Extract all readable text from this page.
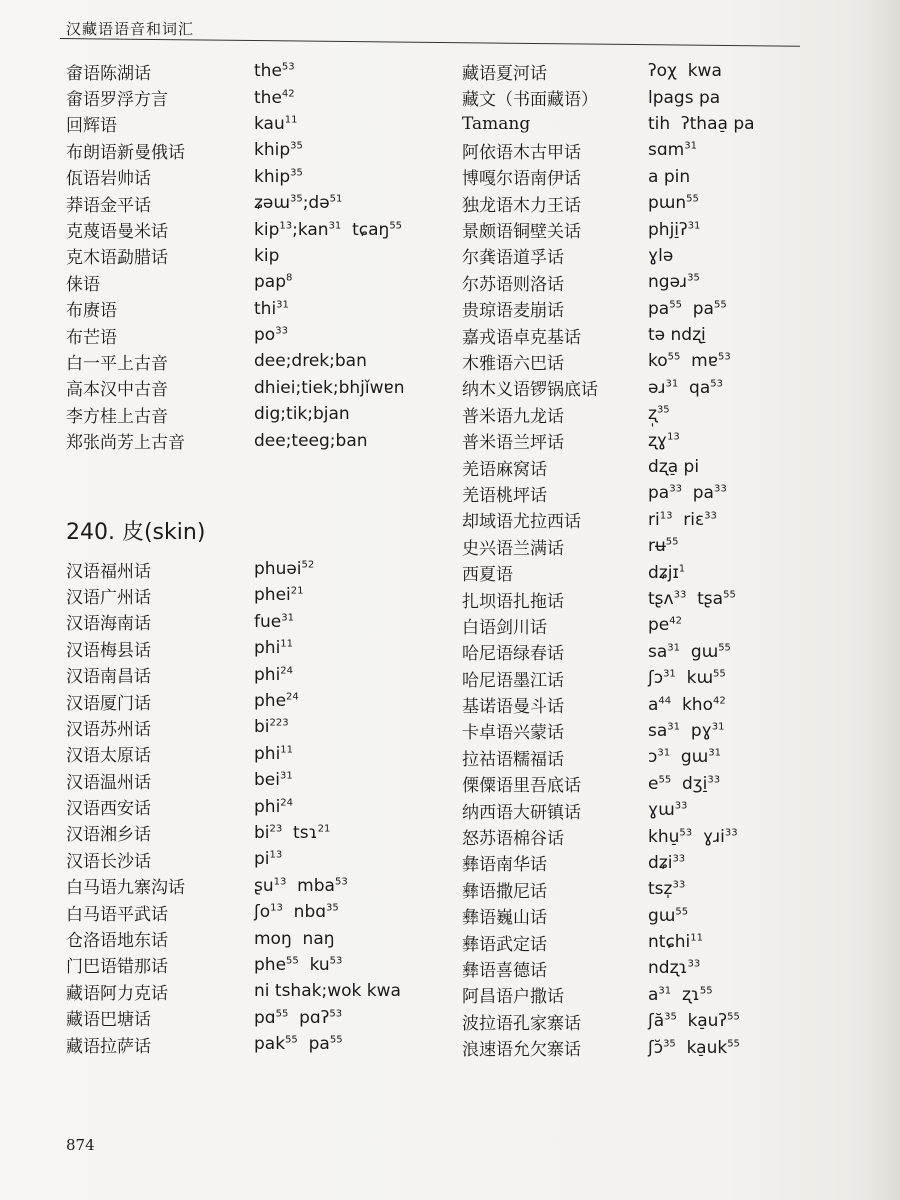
汉藏语语音和词汇
畲语陈湖话	the$^{53}$
畲语罗浮方言	the$^{42}$
回辉语	kau$^{11}$
布朗语新曼俄话	khip$^{35}$
佤语岩帅话	khip$^{35}$
莽语金平话	ʑəɯ$^{35}$;də$^{51}$
克蔑语曼米话	kip$^{13}$;kan$^{31}$  tɕaŋ$^{55}$
克木语勐腊话	kip
俫语	pap$^8$
布赓语	thi$^{31}$
布芒语	$po^{33}$
白一平上古音	dee;drek;ban
高本汉中古音	dhiei;tiek;bhjǐwɐn
李方桂上古音	dig;tik;bjan
郑张尚芳上古音	dee;teeg;ban
240. 皮(skin)
汉语福州话	phuəi$^{52}$
汉语广州话	phei$^{21}$
汉语海南话	fue$^{31}$
汉语梅县话	phi$^{11}$
汉语南昌话	phi$^{24}$
汉语厦门话	phe$^{24}$
汉语苏州话	$bi^{223}$
汉语太原话	phi$^{11}$
汉语温州话	bei$^{31}$
汉语西安话	phi$^{24}$
汉语湘乡话	$bi^{23}$  tsɿ$^{21}$
汉语长沙话	$pi^{13}$
白马语九寨沟话	ʂu$^{13}$  mba$^{53}$
白马语平武话	ʃo$^{13}$  nbɑ$^{35}$
仓洛语地东话	moŋ  naŋ
门巴语错那话	phe$^{55}$  $ku^{53}$
藏语阿力克话	ni tshak;wok kwa
藏语巴塘话	pɑ$^{55}$  pɑʔ$^{53}$
藏语拉萨话	pak$^{55}$  $pa^{55}$
藏语夏河话	ʔoχ  kwa
藏文（书面藏语）	lpags pa
Tamang	tih  ʔthaa̠ pa
阿依语木古甲话	sɑm$^{31}$
博嘎尔语南伊话	a pin
独龙语木力王话	pɯn$^{55}$
景颇语铜壁关话	phji̠ʔ$^{31}$
尔龚语道孚话	ɣlə
尔苏语则洛话	ngəɹ$^{35}$
贵琼语麦崩话	$pa^{55}$  $pa^{55}$
嘉戎语卓克基话	tə ndʐi̠
木雅语六巴话	$ko^{55}$  mɐ$^{53}$
纳木义语锣锅底话	əɹ$^{31}$  $qa^{53}$
普米语九龙话	ʐ̩$^{35}$
普米语兰坪话	ʐɣ$^{13}$
羌语麻窝话	dʐa̠ pi
羌语桃坪话	$pa^{33}$  $pa^{33}$
却域语尤拉西话	$ri^{13}$  riɛ$^{33}$
史兴语兰满话	rʉ$^{55}$
西夏语	dʑjɪ$^1$
扎坝语扎拖话	tʂʌ$^{33}$  tʂa$^{55}$
白语剑川话	$pe^{42}$
哈尼语绿春话	$sa^{31}$  gɯ$^{55}$
哈尼语墨江话	ʃɔ$^{31}$  kɯ$^{55}$
基诺语曼斗话	$a^{44}$  kho$^{42}$
卡卓语兴蒙话	$sa^{31}$  pɣ$^{31}$
拉祜语糯福话	ɔ$^{31}$  gɯ$^{31}$
傈僳语里吾底话	$e^{55}$  dʒi̠$^{33}$
纳西语大研镇话	ɣɯ$^{33}$
怒苏语棉谷话	khu̠$^{53}$  ɣɹi$^{33}$
彝语南华话	dʑi$^{33}$
彝语撒尼话	tsz̩$^{33}$
彝语巍山话	gɯ$^{55}$
彝语武定话	ntɕhi$^{11}$
彝语喜德话	ndʐɿ$^{33}$
阿昌语户撒话	$a^{31}$  ʐɿ$^{55}$
波拉语孔家寨话	ʃă$^{35}$  ka̠uʔ$^{55}$
浪速语允欠寨话	ʃɔ̆$^{35}$  $ka̠uk^{55}$
874
